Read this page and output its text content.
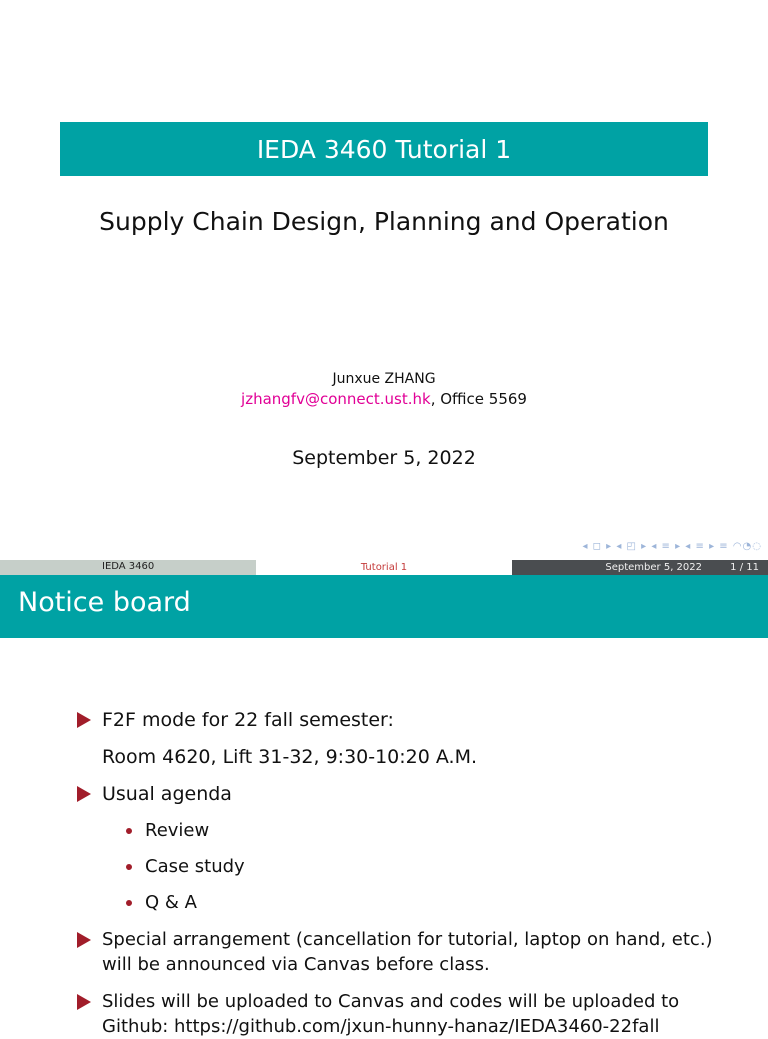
IEDA 3460 Tutorial 1
Supply Chain Design, Planning and Operation
Junxue ZHANG
jzhangfv@connect.ust.hk, Office 5569
September 5, 2022
◂ ◻ ▸ ◂ ◰ ▸ ◂ ≡ ▸ ◂ ≡ ▸ ≡ ◠◔◌
IEDA 3460	Tutorial 1	September 5, 2022	1 / 11
Notice board
F2F mode for 22 fall semester:
Room 4620, Lift 31-32, 9:30-10:20 A.M.
Usual agenda
Review
Case study
Q & A
Special arrangement (cancellation for tutorial, laptop on hand, etc.)
will be announced via Canvas before class.
Slides will be uploaded to Canvas and codes will be uploaded to
Github: https://github.com/jxun-hunny-hanaz/IEDA3460-22fall
